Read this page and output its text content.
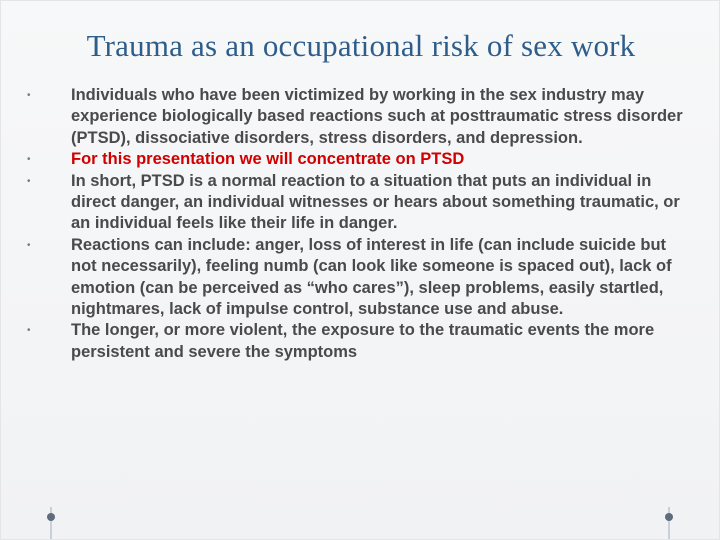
Trauma as an occupational risk of sex work
•	Individuals who have been victimized by working in the sex industry may experience biologically based reactions such at posttraumatic stress disorder (PTSD), dissociative disorders, stress disorders, and depression.
•	For this presentation we will concentrate on PTSD
•	In short, PTSD is a normal reaction to a situation that puts an individual in direct danger, an individual witnesses or hears about something traumatic, or an individual feels like their life in danger.
•	Reactions can include: anger, loss of interest in life (can include suicide but not necessarily), feeling numb (can look like someone is spaced out), lack of emotion (can be perceived as “who cares”), sleep problems, easily startled, nightmares, lack of impulse control, substance use and abuse.
•	The longer, or more violent, the exposure to the traumatic events the more persistent and severe the symptoms
